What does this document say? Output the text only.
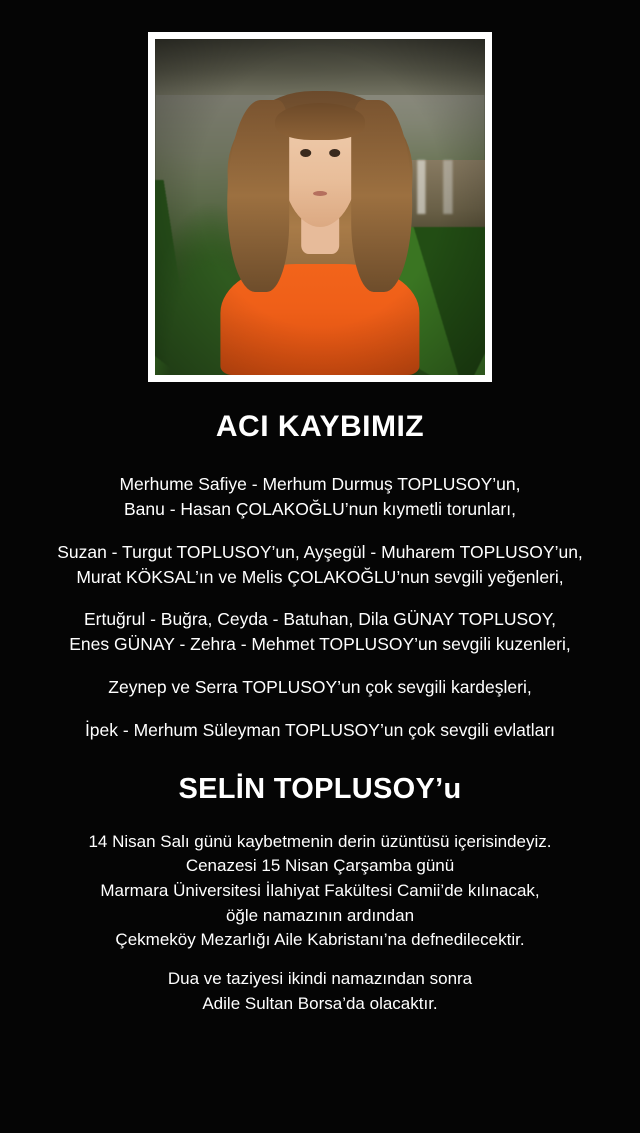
ACI KAYBIMIZ
Merhume Safiye - Merhum Durmuş TOPLUSOY’un,
Banu - Hasan ÇOLAKOĞLU’nun kıymetli torunları,
Suzan - Turgut TOPLUSOY’un, Ayşegül - Muharem TOPLUSOY’un,
Murat KÖKSAL’ın ve Melis ÇOLAKOĞLU’nun sevgili yeğenleri,
Ertuğrul - Buğra, Ceyda - Batuhan, Dila GÜNAY TOPLUSOY,
Enes GÜNAY - Zehra - Mehmet TOPLUSOY’un sevgili kuzenleri,
Zeynep ve Serra TOPLUSOY’un çok sevgili kardeşleri,
İpek - Merhum Süleyman TOPLUSOY’un çok sevgili evlatları
SELİN TOPLUSOY’u
14 Nisan Salı günü kaybetmenin derin üzüntüsü içerisindeyiz.
Cenazesi 15 Nisan Çarşamba günü
Marmara Üniversitesi İlahiyat Fakültesi Camii’de kılınacak,
öğle namazının ardından
Çekmeköy Mezarlığı Aile Kabristanı’na defnedilecektir.
Dua ve taziyesi ikindi namazından sonra
Adile Sultan Borsa’da olacaktır.
